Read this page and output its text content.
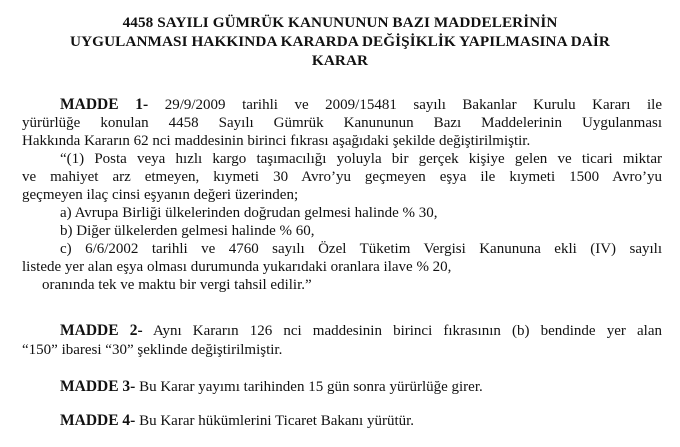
4458 SAYILI GÜMRÜK KANUNUNUN BAZI MADDELERİNİN
UYGULANMASI HAKKINDA KARARDA DEĞİŞİKLİK YAPILMASINA DAİR
KARAR
MADDE 1- 29/9/2009 tarihli ve 2009/15481 sayılı Bakanlar Kurulu Kararı ile
yürürlüğe konulan 4458 Sayılı Gümrük Kanununun Bazı Maddelerinin Uygulanması
Hakkında Kararın 62 nci maddesinin birinci fıkrası aşağıdaki şekilde değiştirilmiştir.
“(1) Posta veya hızlı kargo taşımacılığı yoluyla bir gerçek kişiye gelen ve ticari miktar
ve mahiyet arz etmeyen, kıymeti 30 Avro’yu geçmeyen eşya ile kıymeti 1500 Avro’yu
geçmeyen ilaç cinsi eşyanın değeri üzerinden;
a) Avrupa Birliği ülkelerinden doğrudan gelmesi halinde % 30,
b) Diğer ülkelerden gelmesi halinde % 60,
c) 6/6/2002 tarihli ve 4760 sayılı Özel Tüketim Vergisi Kanununa ekli (IV) sayılı
listede yer alan eşya olması durumunda yukarıdaki oranlara ilave % 20,
oranında tek ve maktu bir vergi tahsil edilir.”
MADDE 2- Aynı Kararın 126 nci maddesinin birinci fıkrasının (b) bendinde yer alan
“150” ibaresi “30” şeklinde değiştirilmiştir.
MADDE 3- Bu Karar yayımı tarihinden 15 gün sonra yürürlüğe girer.
MADDE 4- Bu Karar hükümlerini Ticaret Bakanı yürütür.
